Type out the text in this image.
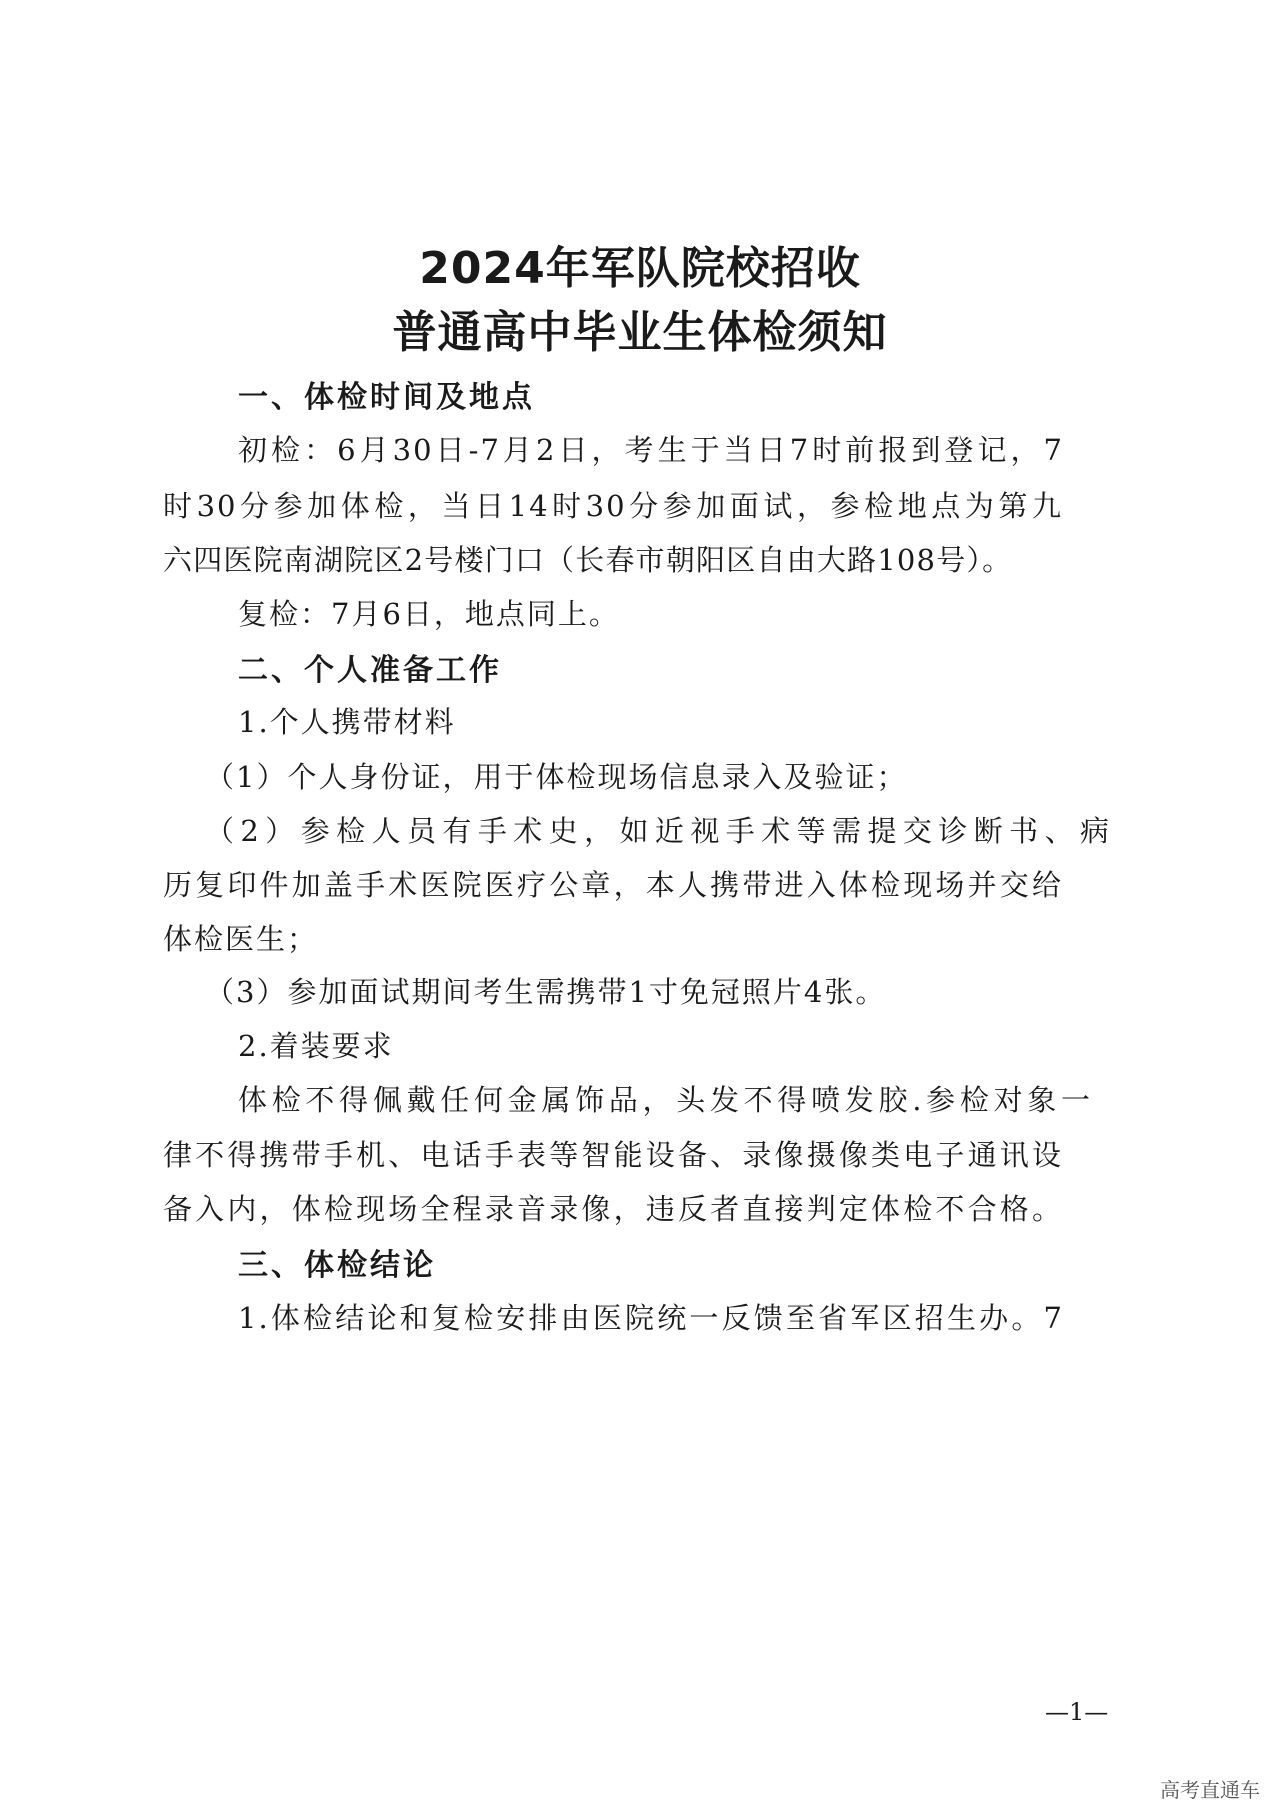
2024年军队院校招收
普通高中毕业生体检须知

一、体检时间及地点

初检：6月30日-7月2日，考生于当日7时前报到登记，7

时30分参加体检，当日14时30分参加面试，参检地点为第九

六四医院南湖院区2号楼门口（长春市朝阳区自由大路108号）。

复检：7月6日，地点同上。

二、个人准备工作

1.个人携带材料

（1）个人身份证，用于体检现场信息录入及验证；

（2）参检人员有手术史，如近视手术等需提交诊断书、病

历复印件加盖手术医院医疗公章，本人携带进入体检现场并交给

体检医生；

（3）参加面试期间考生需携带1寸免冠照片4张。

2.着装要求

体检不得佩戴任何金属饰品，头发不得喷发胶.参检对象一

律不得携带手机、电话手表等智能设备、录像摄像类电子通讯设

备入内，体检现场全程录音录像，违反者直接判定体检不合格。

三、体检结论

1.体检结论和复检安排由医院统一反馈至省军区招生办。7

—1—

高考直通车
